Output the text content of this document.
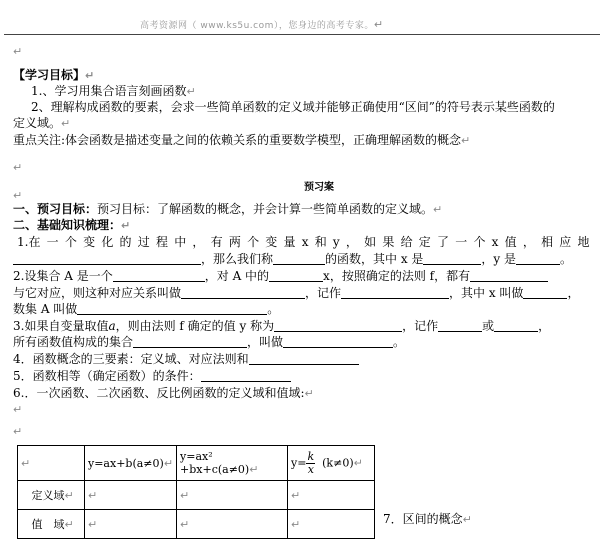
高考资源网（ www.ks5u.com），您身边的高考专家。↵
↵
【学习目标】↵
1.、学习用集合语言刻画函数↵
2、理解构成函数的要素，会求一些简单函数的定义域并能够正确使用“区间”的符号表示某些函数的
定义域。↵
重点关注:体会函数是描述变量之间的依赖关系的重要数学模型，正确理解函数的概念↵
↵
预习案
↵
一、预习目标：预习目标：了解函数的概念，并会计算一些简单函数的定义域。↵
二、基础知识梳理：↵
1.在 一 个 变 化 的 过 程 中 ， 有 两 个 变 量 x 和 y ， 如 果 给 定 了 一 个 x 值 ， 相 应 地
，那么我们称	的函数，其中 x 是	，y 是	。
2.设集合 A 是一个	，对 A 中的	x，按照确定的法则 f，都有
与它对应，则这种对应关系叫做	，记作	，其中 x 叫做	，
数集 A 叫做	。
3.如果自变量取值a，则由法则 f 确定的值 y 称为	，记作	或	，
所有函数值构成的集合	，叫做	。
4．函数概念的三要素：定义域、对应法则和
5．函数相等（确定函数）的条件：
6.．一次函数、二次函数、反比例函数的定义域和值域:↵
↵
↵
↵	y=ax+b(a≠0)↵	y=ax² +bx+c(a≠0)↵	$y= \frac{k}{x}$ (k≠0)↵
定义域↵	↵	↵	↵
值　域↵	↵	↵	↵	7．区间的概念↵
